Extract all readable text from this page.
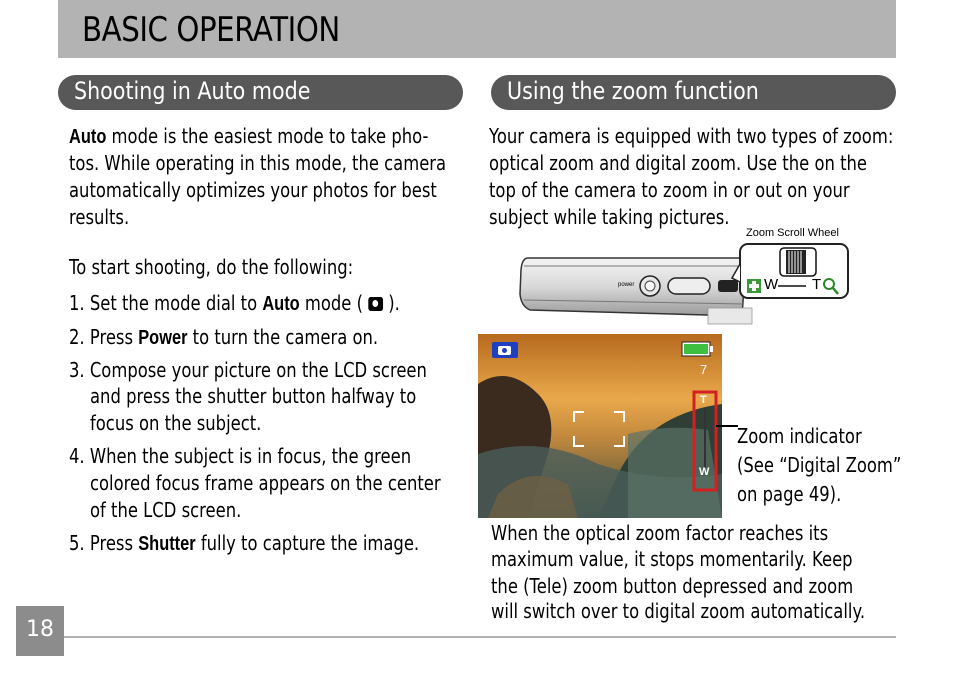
BASIC OPERATION
Shooting in Auto mode	Using the zoom function
Auto mode is the easiest mode to take pho-
tos. While operating in this mode, the camera
automatically optimizes your photos for best
results.
To start shooting, do the following:
1. Set the mode dial to Auto mode (  ).
2. Press Power to turn the camera on.
3. Compose your picture on the LCD screen
and press the shutter button halfway to
focus on the subject.
4. When the subject is in focus, the green
colored focus frame appears on the center
of the LCD screen.
5. Press Shutter fully to capture the image.
Your camera is equipped with two types of zoom:
optical zoom and digital zoom. Use the on the
top of the camera to zoom in or out on your
subject while taking pictures.
Zoom Scroll Wheel
power	W T
T
W
7
Zoom indicator
(See “Digital Zoom”
on page 49).
When the optical zoom factor reaches its
maximum value, it stops momentarily. Keep
the (Tele) zoom button depressed and zoom
will switch over to digital zoom automatically.
18
